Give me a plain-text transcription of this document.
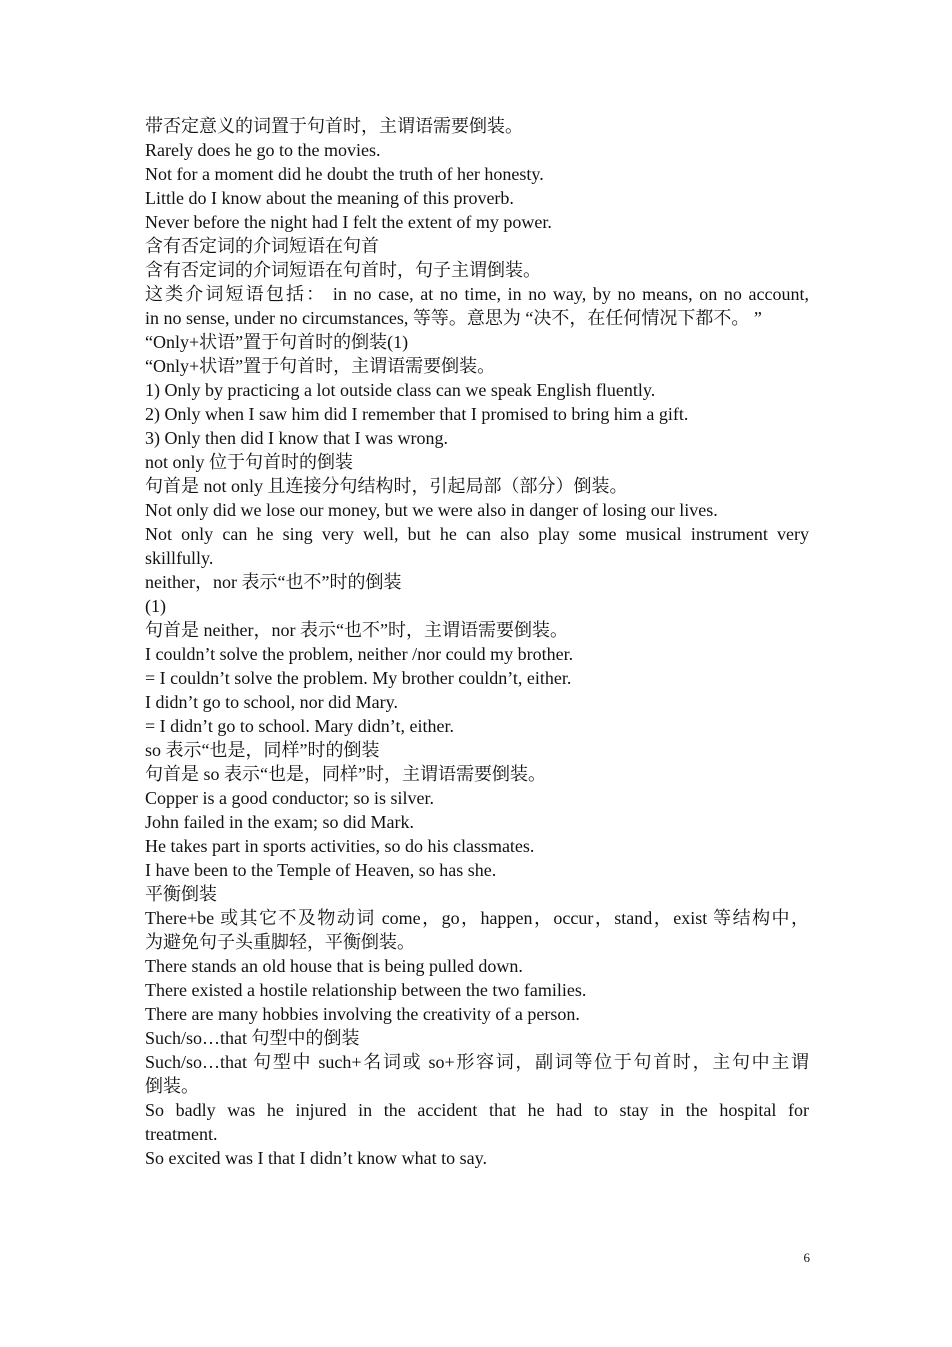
带否定意义的词置于句首时，主谓语需要倒装。

Rarely does he go to the movies.

Not for a moment did he doubt the truth of her honesty.

Little do I know about the meaning of this proverb.

Never before the night had I felt the extent of my power.

含有否定词的介词短语在句首

含有否定词的介词短语在句首时，句子主谓倒装。

这类介词短语包括： in no case, at no time, in no way, by no means, on no account,

in no sense, under no circumstances, 等等。意思为 “决不，在任何情况下都不。 ”

“Only+状语”置于句首时的倒装(1)

“Only+状语”置于句首时，主谓语需要倒装。

1) Only by practicing a lot outside class can we speak English fluently.

2) Only when I saw him did I remember that I promised to bring him a gift.

3) Only then did I know that I was wrong.

not only 位于句首时的倒装

句首是 not only 且连接分句结构时，引起局部（部分）倒装。

Not only did we lose our money, but we were also in danger of losing our lives.

Not only can he sing very well, but he can also play some musical instrument very

skillfully.

neither，nor 表示“也不”时的倒装

(1)

句首是 neither，nor 表示“也不”时，主谓语需要倒装。

I couldn’t solve the problem, neither /nor could my brother.

= I couldn’t solve the problem. My brother couldn’t, either.

I didn’t go to school, nor did Mary.

= I didn’t go to school. Mary didn’t, either.

so 表示“也是，同样”时的倒装

句首是 so 表示“也是，同样”时，主谓语需要倒装。

Copper is a good conductor; so is silver.

John failed in the exam; so did Mark.

He takes part in sports activities, so do his classmates.

I have been to the Temple of Heaven, so has she.

平衡倒装

There+be 或其它不及物动词 come，go，happen，occur，stand，exist 等结构中，

为避免句子头重脚轻，平衡倒装。

There stands an old house that is being pulled down.

There existed a hostile relationship between the two families.

There are many hobbies involving the creativity of a person.

Such/so…that 句型中的倒装

Such/so…that 句型中 such+名词或 so+形容词，副词等位于句首时，主句中主谓

倒装。

So badly was he injured in the accident that he had to stay in the hospital for

treatment.

So excited was I that I didn’t know what to say.

6
